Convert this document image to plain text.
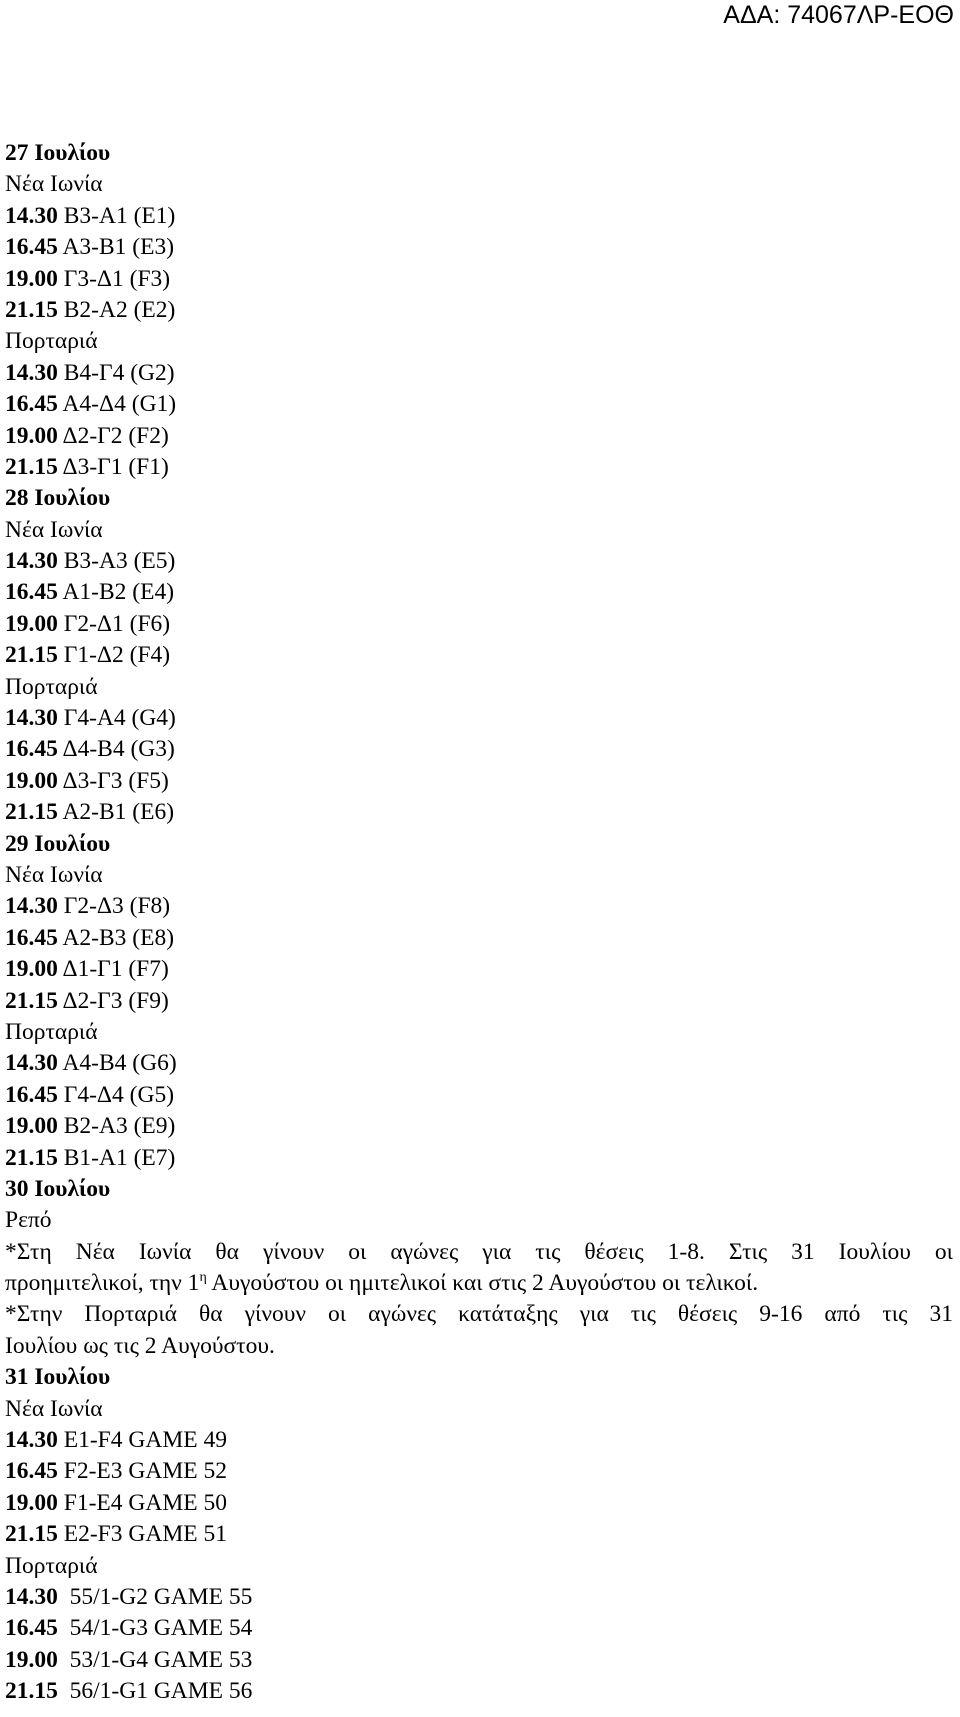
ΑΔΑ: 74067ΛΡ-ΕΟΘ
27 Ιουλίου
Νέα Ιωνία
14.30 Β3-Α1 (Ε1)
16.45 Α3-Β1 (Ε3)
19.00 Γ3-Δ1 (F3)
21.15 Β2-Α2 (Ε2)
Πορταριά
14.30 Β4-Γ4 (G2)
16.45 Α4-Δ4 (G1)
19.00 Δ2-Γ2 (F2)
21.15 Δ3-Γ1 (F1)
28 Ιουλίου
Νέα Ιωνία
14.30 Β3-Α3 (Ε5)
16.45 Α1-Β2 (Ε4)
19.00 Γ2-Δ1 (F6)
21.15 Γ1-Δ2 (F4)
Πορταριά
14.30 Γ4-Α4 (G4)
16.45 Δ4-Β4 (G3)
19.00 Δ3-Γ3 (F5)
21.15 Α2-Β1 (Ε6)
29 Ιουλίου
Νέα Ιωνία
14.30 Γ2-Δ3 (F8)
16.45 Α2-Β3 (Ε8)
19.00 Δ1-Γ1 (F7)
21.15 Δ2-Γ3 (F9)
Πορταριά
14.30 Α4-Β4 (G6)
16.45 Γ4-Δ4 (G5)
19.00 Β2-Α3 (Ε9)
21.15 Β1-Α1 (Ε7)
30 Ιουλίου
Ρεπό
*Στη Νέα Ιωνία θα γίνουν οι αγώνες για τις θέσεις 1-8. Στις 31 Ιουλίου οι
προημιτελικοί, την $1^\eta$ Αυγούστου οι ημιτελικοί και στις 2 Αυγούστου οι τελικοί.
*Στην Πορταριά θα γίνουν οι αγώνες κατάταξης για τις θέσεις 9-16 από τις 31
Ιουλίου ως τις 2 Αυγούστου.
31 Ιουλίου
Νέα Ιωνία
14.30 E1-F4 GAME 49
16.45 F2-E3 GAME 52
19.00 F1-E4 GAME 50
21.15 E2-F3 GAME 51
Πορταριά
14.30  55/1-G2 GAME 55
16.45  54/1-G3 GAME 54
19.00  53/1-G4 GAME 53
21.15  56/1-G1 GAME 56
